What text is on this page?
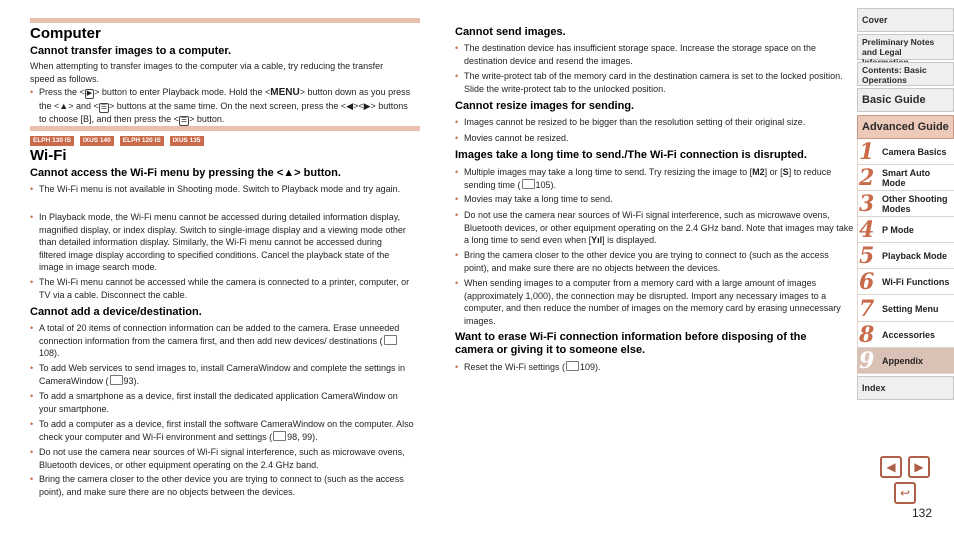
Computer
Cannot transfer images to a computer.

When attempting to transfer images to the computer via a cable, try reducing the transfer speed as follows.

• Press the < ▶ > button to enter Playback mode. Hold the <MENU> button down as you press the <▲> and < ☰ > buttons at the same time. On the next screen, press the <◀><▶> buttons to choose [B], and then press the < ☰ > button.
ELPH 130 IS	IXUS 140	ELPH 120 IS	IXUS 135
Wi-Fi
Cannot access the Wi-Fi menu by pressing the <▲> button.
• The Wi-Fi menu is not available in Shooting mode. Switch to Playback mode and try again.
• In Playback mode, the Wi-Fi menu cannot be accessed during detailed information display, magnified display, or index display. Switch to single-image display and a viewing mode other than detailed information display. Similarly, the Wi-Fi menu cannot be accessed during filtered image display according to specified conditions. Cancel the playback state of the image in image search mode.
• The Wi-Fi menu cannot be accessed while the camera is connected to a printer, computer, or TV via a cable. Disconnect the cable.
Cannot add a device/destination.
• A total of 20 items of connection information can be added to the camera. Erase unneeded connection information from the camera first, and then add new devices/ destinations (108).
• To add Web services to send images to, install CameraWindow and complete the settings in CameraWindow ( 93).
• To add a smartphone as a device, first install the dedicated application CameraWindow on your smartphone.
• To add a computer as a device, first install the software CameraWindow on the computer. Also check your computer and Wi-Fi environment and settings ( 98, 99).
• Do not use the camera near sources of Wi-Fi signal interference, such as microwave ovens, Bluetooth devices, or other equipment operating on the 2.4 GHz band.
• Bring the camera closer to the other device you are trying to connect to (such as the access point), and make sure there are no objects between the devices.
Cannot send images.
• The destination device has insufficient storage space. Increase the storage space on the destination device and resend the images.
• The write-protect tab of the memory card in the destination camera is set to the locked position. Slide the write-protect tab to the unlocked position.
Cannot resize images for sending.
• Images cannot be resized to be bigger than the resolution setting of their original size.
• Movies cannot be resized.
Images take a long time to send./The Wi-Fi connection is disrupted.
• Multiple images may take a long time to send. Try resizing the image to [M2] or [S] to reduce sending time ( 105).
• Movies may take a long time to send.
• Do not use the camera near sources of Wi-Fi signal interference, such as microwave ovens, Bluetooth devices, or other equipment operating on the 2.4 GHz band. Note that images may take a long time to send even when [Yıl] is displayed.
• Bring the camera closer to the other device you are trying to connect to (such as the access point), and make sure there are no objects between the devices.
• When sending images to a computer from a memory card with a large amount of images (approximately 1,000), the connection may be disrupted. Import any necessary images to a computer, and then reduce the number of images on the memory card by erasing unnecessary images.
Want to erase Wi-Fi connection information before disposing of the camera or giving it to someone else.
• Reset the Wi-Fi settings ( 109).
Cover
Preliminary Notes and Legal
Contents: Basic Operations
Basic Guide
Advanced Guide
1 Camera Basics
2 Smart Auto Mode
3 Other Shooting Modes
4 P Mode
5 Playback Mode
6 Wi-Fi Functions
7 Setting Menu
8 Accessories
9 Appendix
Index
◀ ▶
↩
132
